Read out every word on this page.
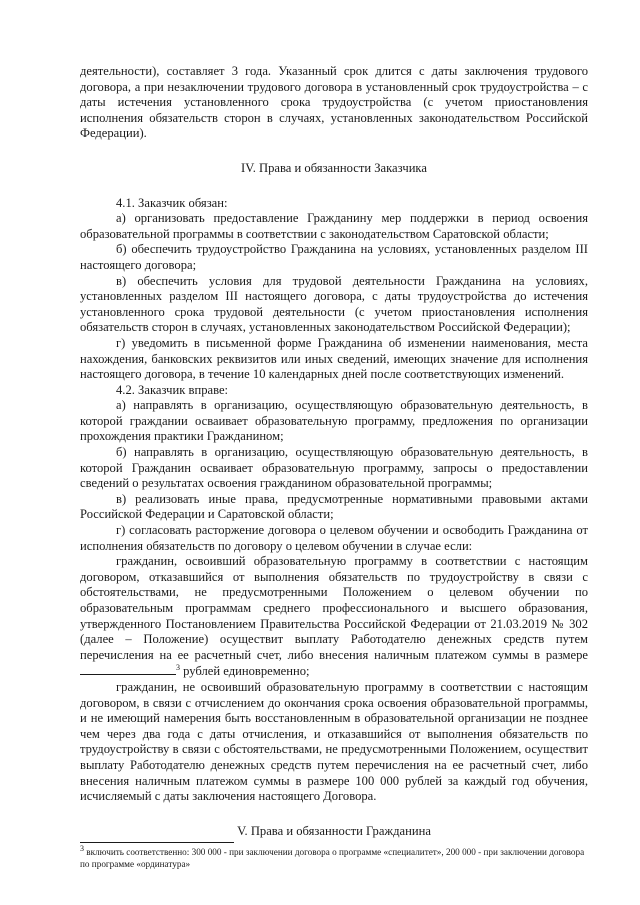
деятельности), составляет 3 года. Указанный срок длится с даты заключения трудового договора, а при незаключении трудового договора в установленный срок трудоустройства – с даты истечения установленного срока трудоустройства (с учетом приостановления исполнения обязательств сторон в случаях, установленных законодательством Российской Федерации).

IV. Права и обязанности Заказчика

4.1. Заказчик обязан:

а) организовать предоставление Гражданину мер поддержки в период освоения образовательной программы в соответствии с законодательством Саратовской области;

б) обеспечить трудоустройство Гражданина на условиях, установленных разделом III настоящего договора;

в) обеспечить условия для трудовой деятельности Гражданина на условиях, установленных разделом III настоящего договора, с даты трудоустройства до истечения установленного срока трудовой деятельности (с учетом приостановления исполнения обязательств сторон в случаях, установленных законодательством Российской Федерации);

г) уведомить в письменной форме Гражданина об изменении наименования, места нахождения, банковских реквизитов или иных сведений, имеющих значение для исполнения настоящего договора, в течение 10 календарных дней после соответствующих изменений.

4.2. Заказчик вправе:

а) направлять в организацию, осуществляющую образовательную деятельность, в которой граждании осваивает образовательную программу, предложения по организации прохождения практики Гражданином;

б) направлять в организацию, осуществляющую образовательную деятельность, в которой Гражданин осваивает образовательную программу, запросы о предоставлении сведений о результатах освоения гражданином образовательной программы;

в) реализовать иные права, предусмотренные нормативными правовыми актами Российской Федерации и Саратовской области;

г) согласовать расторжение договора о целевом обучении и освободить Гражданина от исполнения обязательств по договору о целевом обучении в случае если:

гражданин, освоивший образовательную программу в соответствии с настоящим договором, отказавшийся от выполнения обязательств по трудоустройству в связи с обстоятельствами, не предусмотренными Положением о целевом обучении по образовательным программам среднего профессионального и высшего образования, утвержденного Постановлением Правительства Российской Федерации от 21.03.2019 № 302 (далее – Положение) осуществит выплату Работодателю денежных средств путем перечисления на ее расчетный счет, либо внесения наличным платежом суммы в размере $^3$ рублей единовременно;

гражданин, не освоивший образовательную программу в соответствии с настоящим договором, в связи с отчислением до окончания срока освоения образовательной программы, и не имеющий намерения быть восстановленным в образовательной организации не позднее чем через два года с даты отчисления, и отказавшийся от выполнения обязательств по трудоустройству в связи с обстоятельствами, не предусмотренными Положением, осуществит выплату Работодателю денежных средств путем перечисления на ее расчетный счет, либо внесения наличным платежом суммы в размере 100 000 рублей за каждый год обучения, исчисляемый с даты заключения настоящего Договора.

V. Права и обязанности Гражданина

$^3$ включить соответственно: 300 000 - при заключении договора о программе «специалитет», 200 000 - при заключении договора по программе «ординатура»
